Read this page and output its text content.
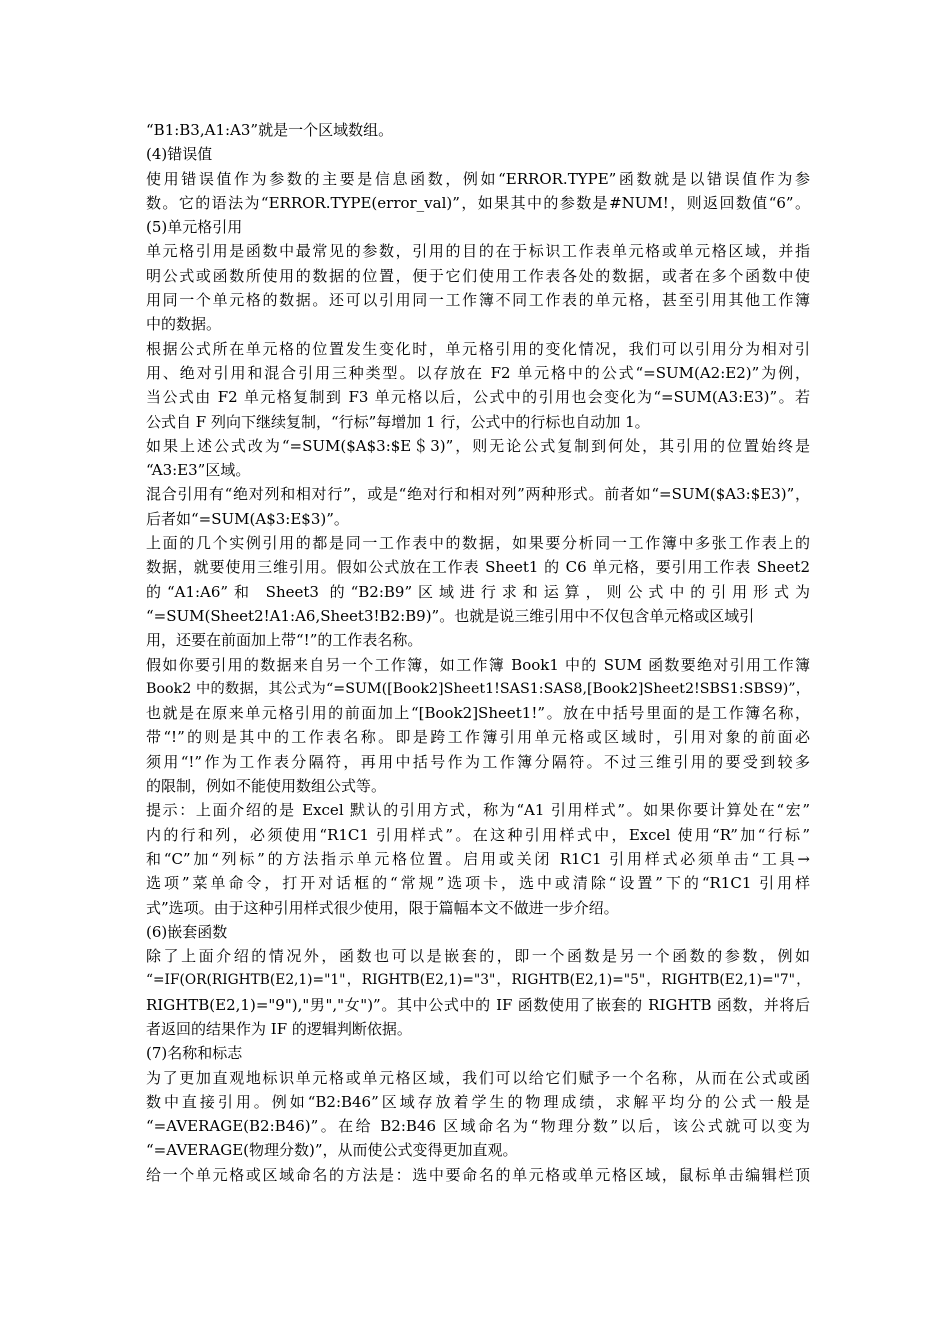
“B1:B3,A1:A3”就是一个区域数组。
(4)错误值
使用错误值作为参数的主要是信息函数，例如“ERROR.TYPE”函数就是以错误值作为参
数。它的语法为“ERROR.TYPE(error_val)”，如果其中的参数是#NUM!，则返回数值“6”。
(5)单元格引用
单元格引用是函数中最常见的参数，引用的目的在于标识工作表单元格或单元格区域，并指
明公式或函数所使用的数据的位置，便于它们使用工作表各处的数据，或者在多个函数中使
用同一个单元格的数据。还可以引用同一工作簿不同工作表的单元格，甚至引用其他工作簿
中的数据。
根据公式所在单元格的位置发生变化时，单元格引用的变化情况，我们可以引用分为相对引
用、绝对引用和混合引用三种类型。以存放在 F2 单元格中的公式“=SUM(A2:E2)”为例，
当公式由 F2 单元格复制到 F3 单元格以后，公式中的引用也会变化为“=SUM(A3:E3)”。若
公式自 F 列向下继续复制，“行标”每增加 1 行，公式中的行标也自动加 1。
如果上述公式改为“=SUM($A$3:$E＄3)”，则无论公式复制到何处，其引用的位置始终是
“A3:E3”区域。
混合引用有“绝对列和相对行”，或是“绝对行和相对列”两种形式。前者如“=SUM($A3:$E3)”，
后者如“=SUM(A$3:E$3)”。
上面的几个实例引用的都是同一工作表中的数据，如果要分析同一工作簿中多张工作表上的
数据，就要使用三维引用。假如公式放在工作表 Sheet1 的 C6 单元格，要引用工作表 Sheet2
的“A1:A6”和 Sheet3 的“B2:B9”区域进行求和运算，则公式中的引用形式为
“=SUM(Sheet2!A1:A6,Sheet3!B2:B9)”。也就是说三维引用中不仅包含单元格或区域引
用，还要在前面加上带“!”的工作表名称。
假如你要引用的数据来自另一个工作簿，如工作簿 Book1 中的 SUM 函数要绝对引用工作簿
Book2 中的数据，其公式为“=SUM([Book2]Sheet1!SAS1:SAS8,[Book2]Sheet2!SBS1:SBS9)”，
也就是在原来单元格引用的前面加上“[Book2]Sheet1!”。放在中括号里面的是工作簿名称，
带“!”的则是其中的工作表名称。即是跨工作簿引用单元格或区域时，引用对象的前面必
须用“!”作为工作表分隔符，再用中括号作为工作簿分隔符。不过三维引用的要受到较多
的限制，例如不能使用数组公式等。
提示：上面介绍的是 Excel 默认的引用方式，称为“A1 引用样式”。如果你要计算处在“宏”
内的行和列，必须使用“R1C1 引用样式”。在这种引用样式中，Excel 使用“R”加“行标”
和“C”加“列标”的方法指示单元格位置。启用或关闭 R1C1 引用样式必须单击“工具→
选项”菜单命令，打开对话框的“常规”选项卡，选中或清除“设置”下的“R1C1 引用样
式”选项。由于这种引用样式很少使用，限于篇幅本文不做进一步介绍。
(6)嵌套函数
除了上面介绍的情况外，函数也可以是嵌套的，即一个函数是另一个函数的参数，例如
“=IF(OR(RIGHTB(E2,1)="1"，RIGHTB(E2,1)="3"，RIGHTB(E2,1)="5"，RIGHTB(E2,1)="7"，
RIGHTB(E2,1)="9"),"男","女")”。其中公式中的 IF 函数使用了嵌套的 RIGHTB 函数，并将后
者返回的结果作为 IF 的逻辑判断依据。
(7)名称和标志
为了更加直观地标识单元格或单元格区域，我们可以给它们赋予一个名称，从而在公式或函
数中直接引用。例如“B2:B46”区域存放着学生的物理成绩，求解平均分的公式一般是
“=AVERAGE(B2:B46)”。在给 B2:B46 区域命名为“物理分数”以后，该公式就可以变为
“=AVERAGE(物理分数)”，从而使公式变得更加直观。
给一个单元格或区域命名的方法是：选中要命名的单元格或单元格区域，鼠标单击编辑栏顶
